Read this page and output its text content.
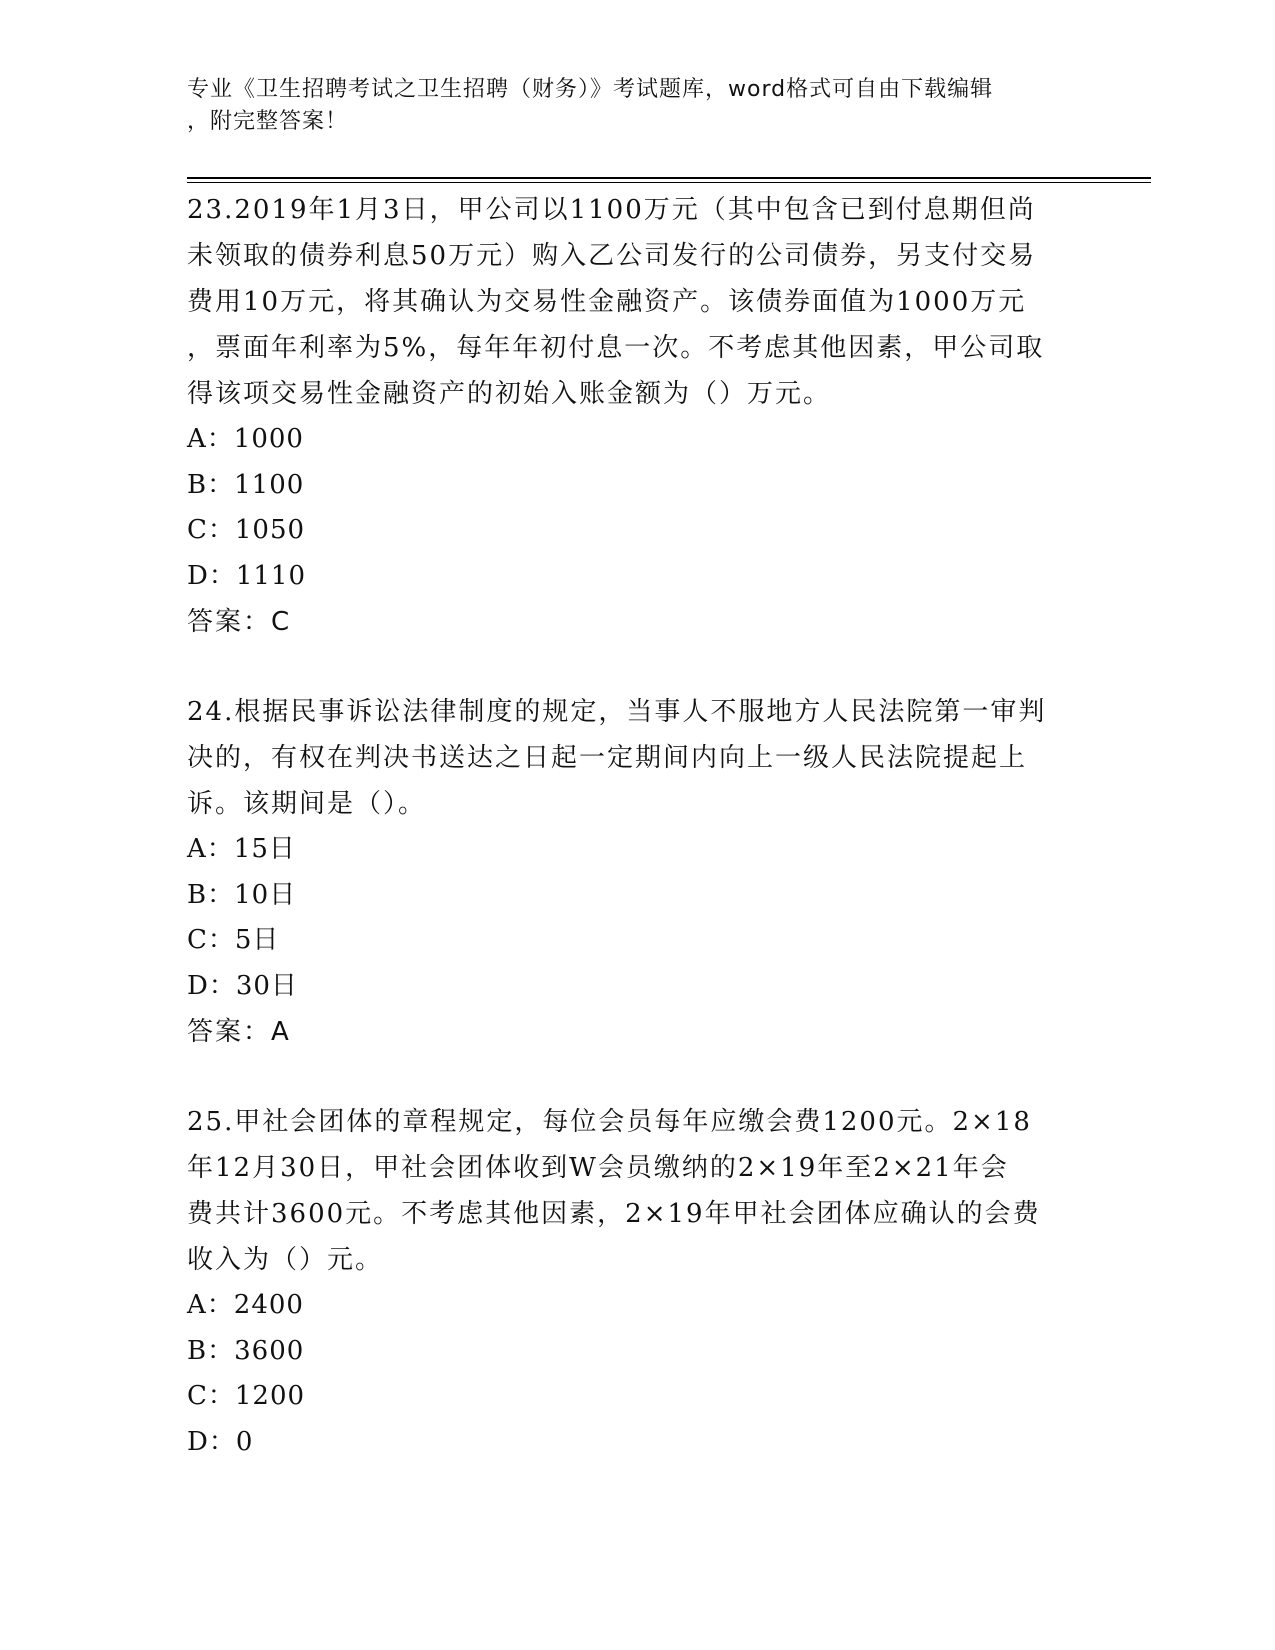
专业《卫生招聘考试之卫生招聘（财务）》考试题库，word格式可自由下载编辑
，附完整答案！
23.2019年1月3日，甲公司以1100万元（其中包含已到付息期但尚
未领取的债券利息50万元）购入乙公司发行的公司债券，另支付交易
费用10万元，将其确认为交易性金融资产。该债券面值为1000万元
，票面年利率为5%，每年年初付息一次。不考虑其他因素，甲公司取
得该项交易性金融资产的初始入账金额为（）万元。
A：1000
B：1100
C：1050
D：1110
答案：C
24.根据民事诉讼法律制度的规定，当事人不服地方人民法院第一审判
决的，有权在判决书送达之日起一定期间内向上一级人民法院提起上
诉。该期间是（）。
A：15日
B：10日
C：5日
D：30日
答案：A
25.甲社会团体的章程规定，每位会员每年应缴会费1200元。2×18
年12月30日，甲社会团体收到W会员缴纳的2×19年至2×21年会
费共计3600元。不考虑其他因素，2×19年甲社会团体应确认的会费
收入为（）元。
A：2400
B：3600
C：1200
D：0
